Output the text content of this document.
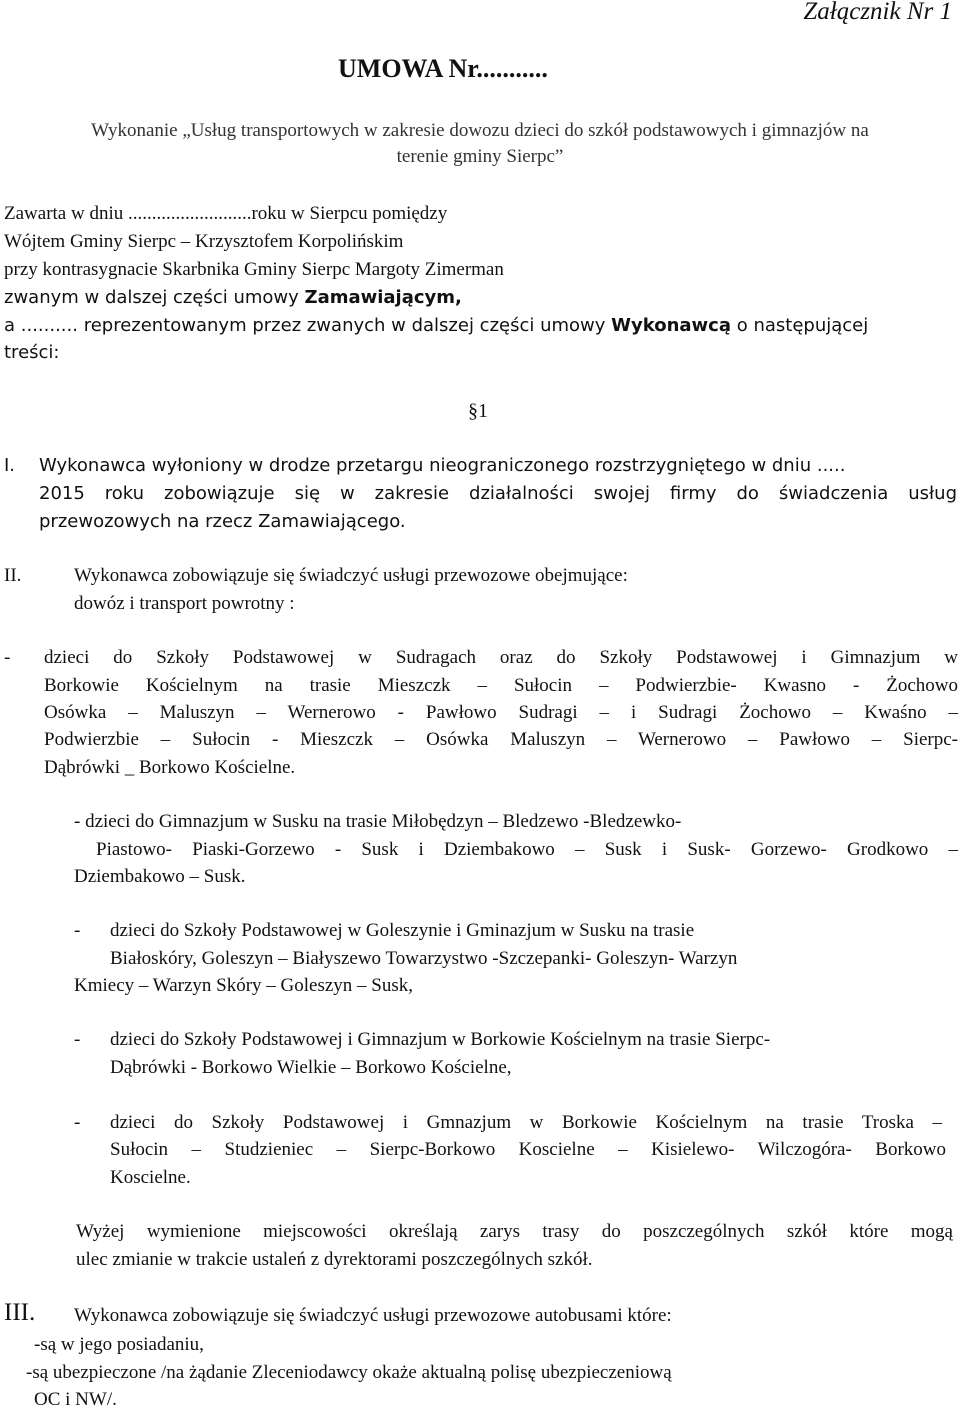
Załącznik Nr 1
UMOWA Nr...........
Wykonanie „Usług transportowych w zakresie dowozu dzieci do szkół podstawowych i gimnazjów na
terenie gminy Sierpc”
Zawarta w dniu ..........................roku w Sierpcu pomiędzy
Wójtem Gminy Sierpc – Krzysztofem Korpolińskim
przy kontrasygnacie Skarbnika Gminy Sierpc Margoty Zimerman
zwanym w dalszej części umowy Zamawiającym,
a .......... reprezentowanym przez zwanych w dalszej części umowy Wykonawcą o następującej
treści:
§1
I. Wykonawca wyłoniony w drodze przetargu nieograniczonego rozstrzygniętego w dniu .....
2015 roku zobowiązuje się w zakresie działalności swojej firmy do świadczenia usług
przewozowych na rzecz Zamawiającego.
II.	Wykonawca zobowiązuje się świadczyć usługi przewozowe obejmujące:
dowóz i transport powrotny :
- dzieci do Szkoły Podstawowej w Sudragach oraz do Szkoły Podstawowej i Gimnazjum w
Borkowie Kościelnym na trasie Mieszczk – Sułocin – Podwierzbie- Kwasno - Żochowo
Osówka – Maluszyn – Wernerowo - Pawłowo Sudragi – i Sudragi Żochowo – Kwaśno –
Podwierzbie – Sułocin - Mieszczk – Osówka Maluszyn – Wernerowo – Pawłowo – Sierpc-
Dąbrówki _ Borkowo Kościelne.
- dzieci do Gimnazjum w Susku na trasie Miłobędzyn – Bledzewo -Bledzewko-
Piastowo- Piaski-Gorzewo - Susk i Dziembakowo – Susk i Susk- Gorzewo- Grodkowo –
Dziembakowo – Susk.
- dzieci do Szkoły Podstawowej w Goleszynie i Gminazjum w Susku na trasie
Białoskóry, Goleszyn – Białyszewo Towarzystwo -Szczepanki- Goleszyn- Warzyn
Kmiecy – Warzyn Skóry – Goleszyn – Susk,
- dzieci do Szkoły Podstawowej i Gimnazjum w Borkowie Kościelnym na trasie Sierpc-
Dąbrówki - Borkowo Wielkie – Borkowo Kościelne,
- dzieci do Szkoły Podstawowej i Gmnazjum w Borkowie Kościelnym na trasie Troska –
Sułocin – Studzieniec – Sierpc-Borkowo Koscielne – Kisielewo- Wilczogóra- Borkowo
Koscielne.
Wyżej wymienione miejscowości określają zarys trasy do poszczególnych szkół które mogą
ulec zmianie w trakcie ustaleń z dyrektorami poszczególnych szkół.
III. Wykonawca zobowiązuje się świadczyć usługi przewozowe autobusami które:
-są w jego posiadaniu,
-są ubezpieczone /na żądanie Zleceniodawcy okaże aktualną polisę ubezpieczeniową
OC i NW/.
